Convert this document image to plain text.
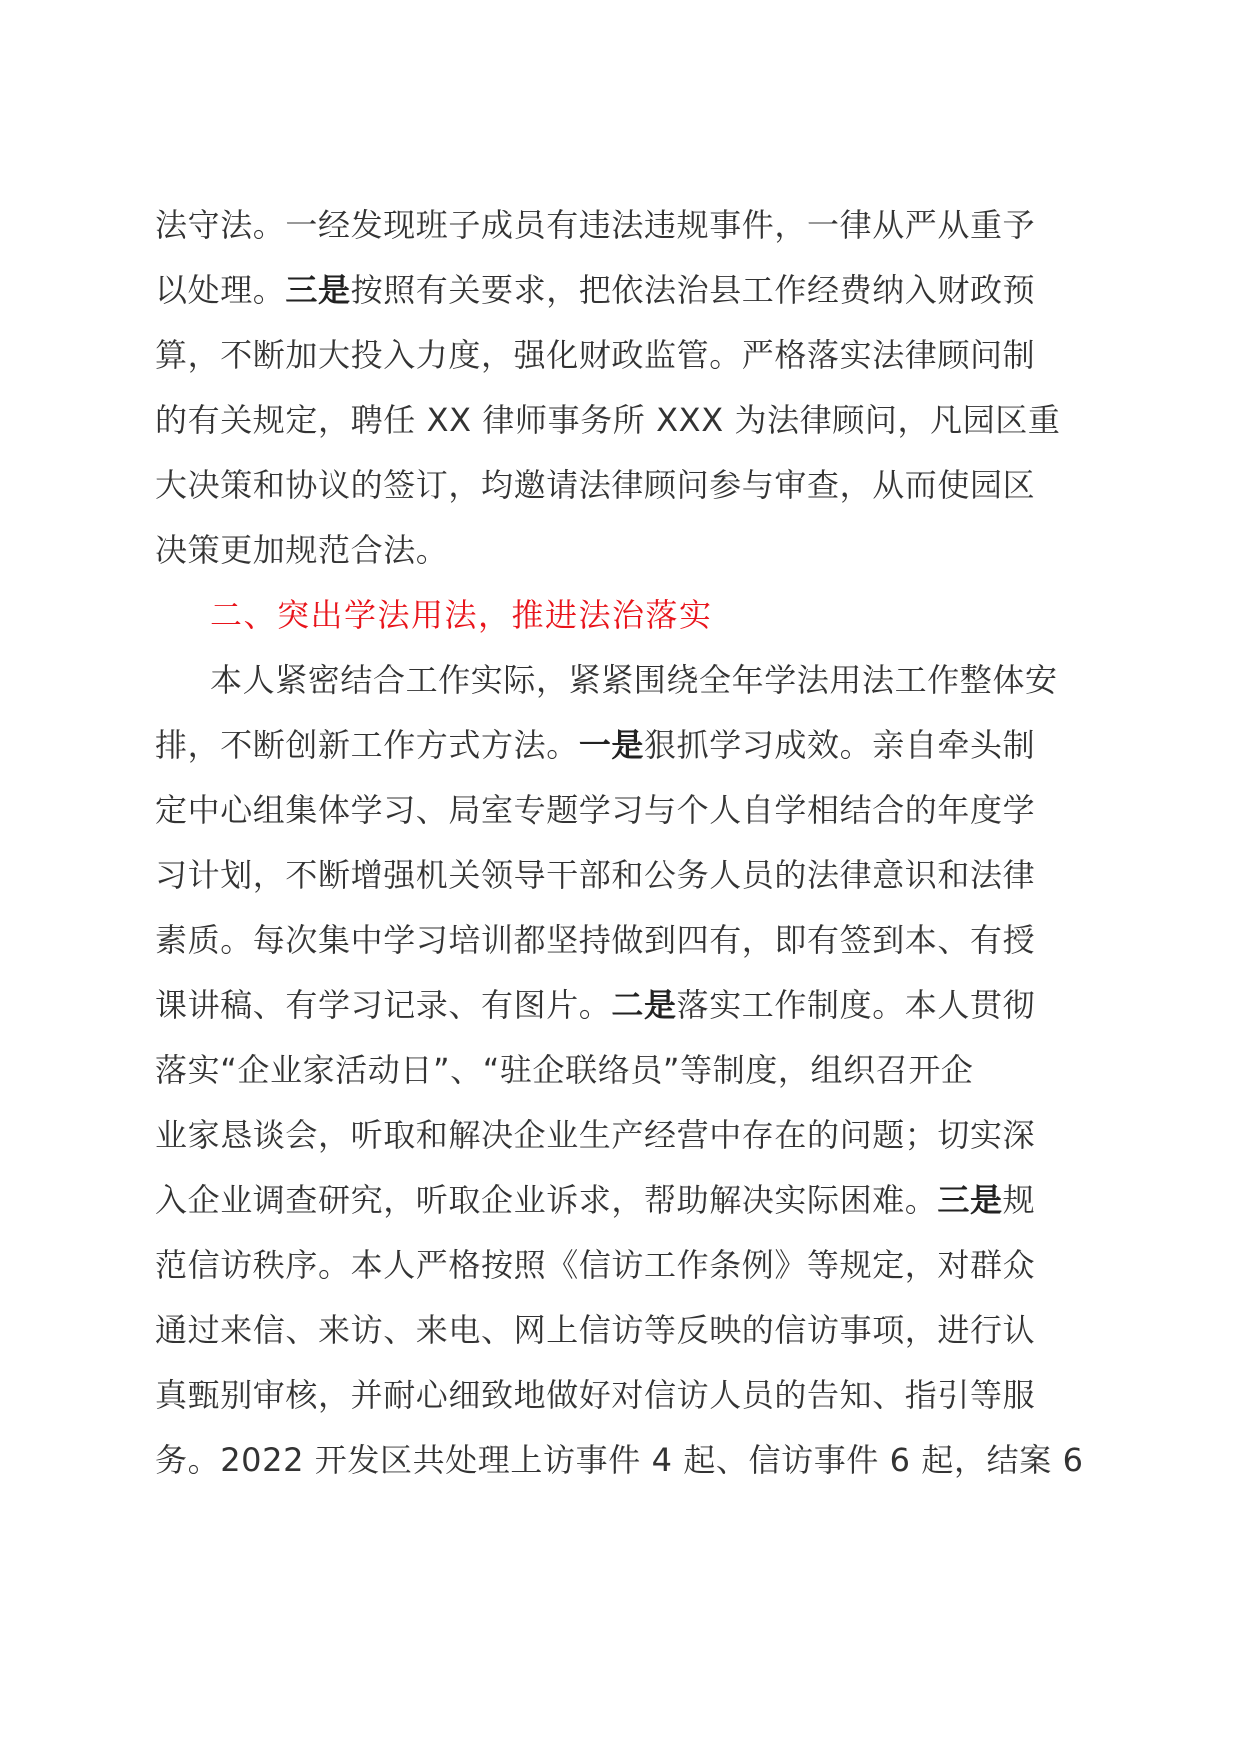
法守法。一经发现班子成员有违法违规事件，一律从严从重予
以处理。三是按照有关要求，把依法治县工作经费纳入财政预
算，不断加大投入力度，强化财政监管。严格落实法律顾问制
的有关规定，聘任 XX 律师事务所 XXX 为法律顾问，凡园区重
大决策和协议的签订，均邀请法律顾问参与审查，从而使园区
决策更加规范合法。
二、突出学法用法，推进法治落实
本人紧密结合工作实际，紧紧围绕全年学法用法工作整体安
排，不断创新工作方式方法。一是狠抓学习成效。亲自牵头制
定中心组集体学习、局室专题学习与个人自学相结合的年度学
习计划，不断增强机关领导干部和公务人员的法律意识和法律
素质。每次集中学习培训都坚持做到四有，即有签到本、有授
课讲稿、有学习记录、有图片。二是落实工作制度。本人贯彻
落实“企业家活动日”、“驻企联络员”等制度，组织召开企
业家恳谈会，听取和解决企业生产经营中存在的问题；切实深
入企业调查研究，听取企业诉求，帮助解决实际困难。三是规
范信访秩序。本人严格按照《信访工作条例》等规定，对群众
通过来信、来访、来电、网上信访等反映的信访事项，进行认
真甄别审核，并耐心细致地做好对信访人员的告知、指引等服
务。2022 开发区共处理上访事件 4 起、信访事件 6 起，结案 6
